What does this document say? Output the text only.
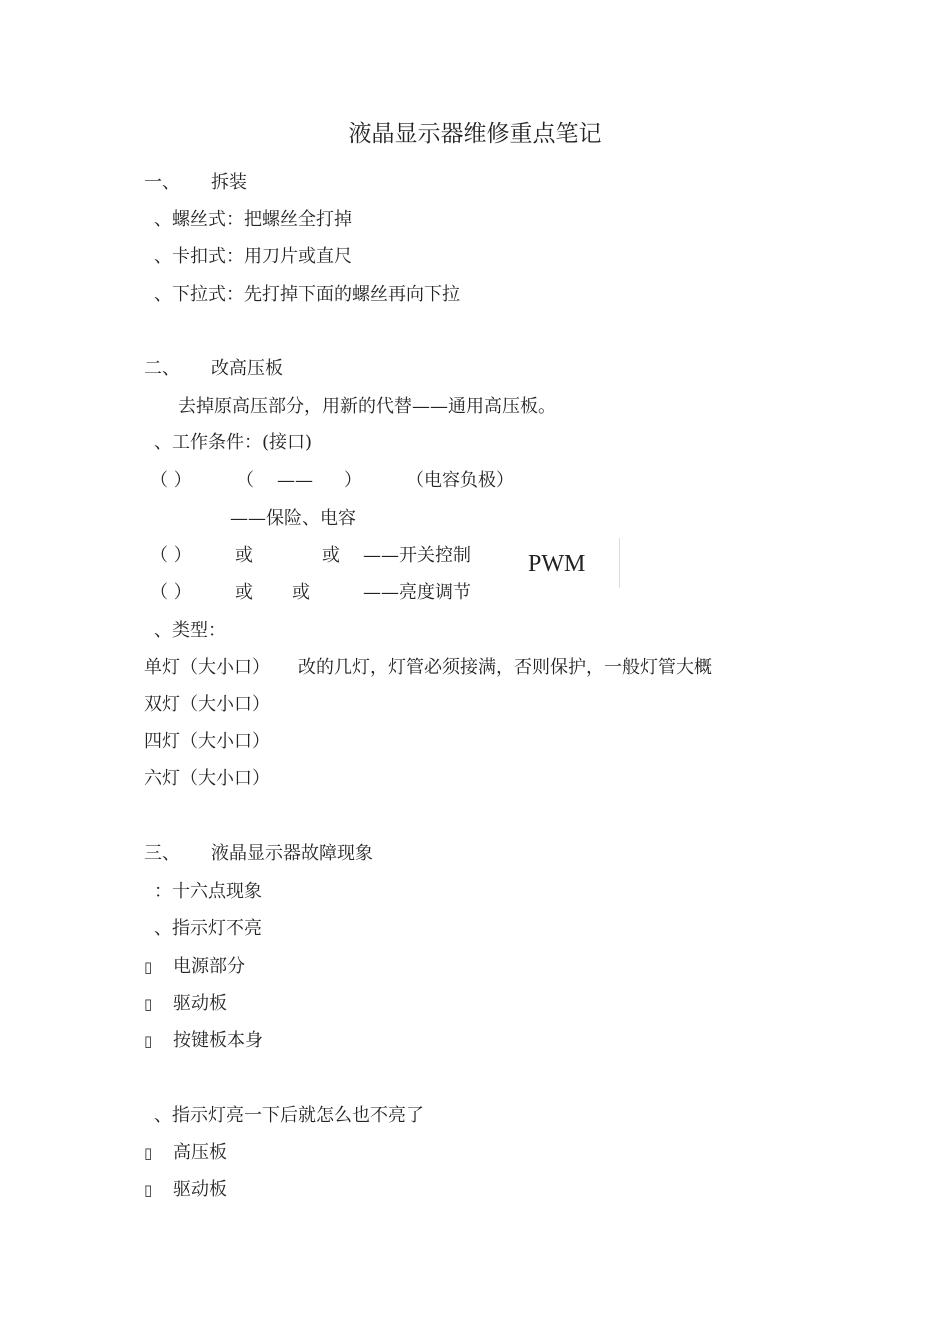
液晶显示器维修重点笔记
一、 拆装
、螺丝式：把螺丝全打掉
、卡扣式：用刀片或直尺
、下拉式：先打掉下面的螺丝再向下拉
二、 改高压板
去掉原高压部分，用新的代替——通用高压板。
、工作条件：(接口)
（ ） （ —— ） （电容负极）
——保险、电容
（ ） 或	或 ——开关控制 PWM
（ ） 或 或	——亮度调节
、类型：
单灯（大小口） 改的几灯，灯管必须接满，否则保护，一般灯管大概
双灯（大小口）
四灯（大小口）
六灯（大小口）
三、 液晶显示器故障现象
：十六点现象
、指示灯不亮
▯ 电源部分
▯ 驱动板
▯ 按键板本身
、指示灯亮一下后就怎么也不亮了
▯ 高压板
▯ 驱动板
